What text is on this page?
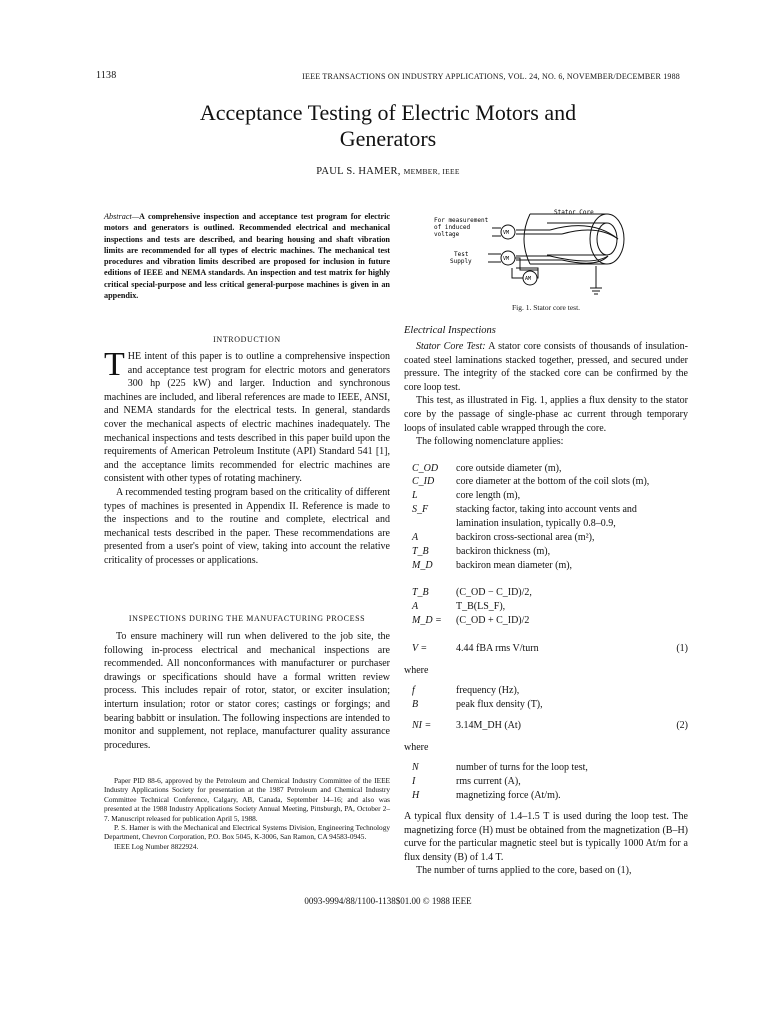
1138	IEEE TRANSACTIONS ON INDUSTRY APPLICATIONS, VOL. 24, NO. 6, NOVEMBER/DECEMBER 1988
Acceptance Testing of Electric Motors and
Generators
PAUL S. HAMER, MEMBER, IEEE
Abstract—A comprehensive inspection and acceptance test program for electric motors and generators is outlined. Recommended electrical and mechanical inspections and tests are described, and bearing housing and shaft vibration limits are recommended for all types of electric machines. The mechanical test procedures and vibration limits described are proposed for inclusion in future editions of IEEE and NEMA standards. An inspection and test matrix for highly critical special-purpose and less critical general-purpose machines is given in an appendix.
INTRODUCTION

THE intent of this paper is to outline a comprehensive inspection and acceptance test program for electric motors and generators 300 hp (225 kW) and larger. Induction and synchronous machines are included, and liberal references are made to IEEE, ANSI, and NEMA standards for the electrical tests. In general, standards cover the mechanical aspects of electric machines inadequately. The mechanical inspections and tests described in this paper build upon the requirements of American Petroleum Institute (API) Standard 541 [1], and the acceptance limits recommended for electric machines are consistent with other types of rotating machinery.

A recommended testing program based on the criticality of different types of machines is presented in Appendix II. Reference is made to the inspections and to the routine and complete, electrical and mechanical tests described in the paper. These recommendations are presented from a user's point of view, taking into account the relative criticality of processes or applications.

INSPECTIONS DURING THE MANUFACTURING PROCESS

To ensure machinery will run when delivered to the job site, the following in-process electrical and mechanical inspections are recommended. All nonconformances with manufacturer or purchaser drawings or specifications should have a formal written review process. This includes repair of rotor, stator, or exciter insulation; interturn insulation; rotor or stator cores; castings or forgings; and bearing babbitt or insulation. The following inspections are intended to monitor and supplement, not replace, manufacturer quality assurance procedures.

Paper PID 88-6, approved by the Petroleum and Chemical Industry Committee of the IEEE Industry Applications Society for presentation at the 1987 Petroleum and Chemical Industry Committee Technical Conference, Calgary, AB, Canada, September 14–16; and also was presented at the 1988 Industry Applications Society Annual Meeting, Pittsburgh, PA, October 2–7. Manuscript released for publication April 5, 1988.

P. S. Hamer is with the Mechanical and Electrical Systems Division, Engineering Technology Department, Chevron Corporation, P.O. Box 5045, K-3006, San Ramon, CA 94583-0945.

IEEE Log Number 8822924.

Stator Core
For measurement
of induced
voltage
Test
Supply
VM
VM
AM
Fig. 1. Stator core test.
Electrical Inspections

Stator Core Test: A stator core consists of thousands of insulation-coated steel laminations stacked together, pressed, and secured under pressure. The integrity of the stacked core can be confirmed by the core loop test.

This test, as illustrated in Fig. 1, applies a flux density to the stator core by the passage of single-phase ac current through temporary loops of insulated cable wrapped through the core.

The following nomenclature applies:

C_OD core outside diameter (m),
C_ID core diameter at the bottom of the coil slots (m),
L	core length (m),
S_F	stacking factor, taking into account vents and
lamination insulation, typically 0.8–0.9,
A	backiron cross-sectional area (m²),
T_B	backiron thickness (m),
M_D backiron mean diameter (m),
T_B	(C_OD − C_ID)/2,
A	T_B(LS_F),
M_D = (C_OD + C_ID)/2
V =	4.44 fBA rms V/turn	(1)
where
f	frequency (Hz),
B	peak flux density (T),
NI = 3.14M_DH (At)	(2)
where
N	number of turns for the loop test,
I	rms current (A),
H	magnetizing force (At/m).

A typical flux density of 1.4–1.5 T is used during the loop test. The magnetizing force (H) must be obtained from the magnetization (B–H) curve for the particular magnetic steel but is typically 1000 At/m for a flux density (B) of 1.4 T.

The number of turns applied to the core, based on (1),

0093-9994/88/1100-1138$01.00 © 1988 IEEE
